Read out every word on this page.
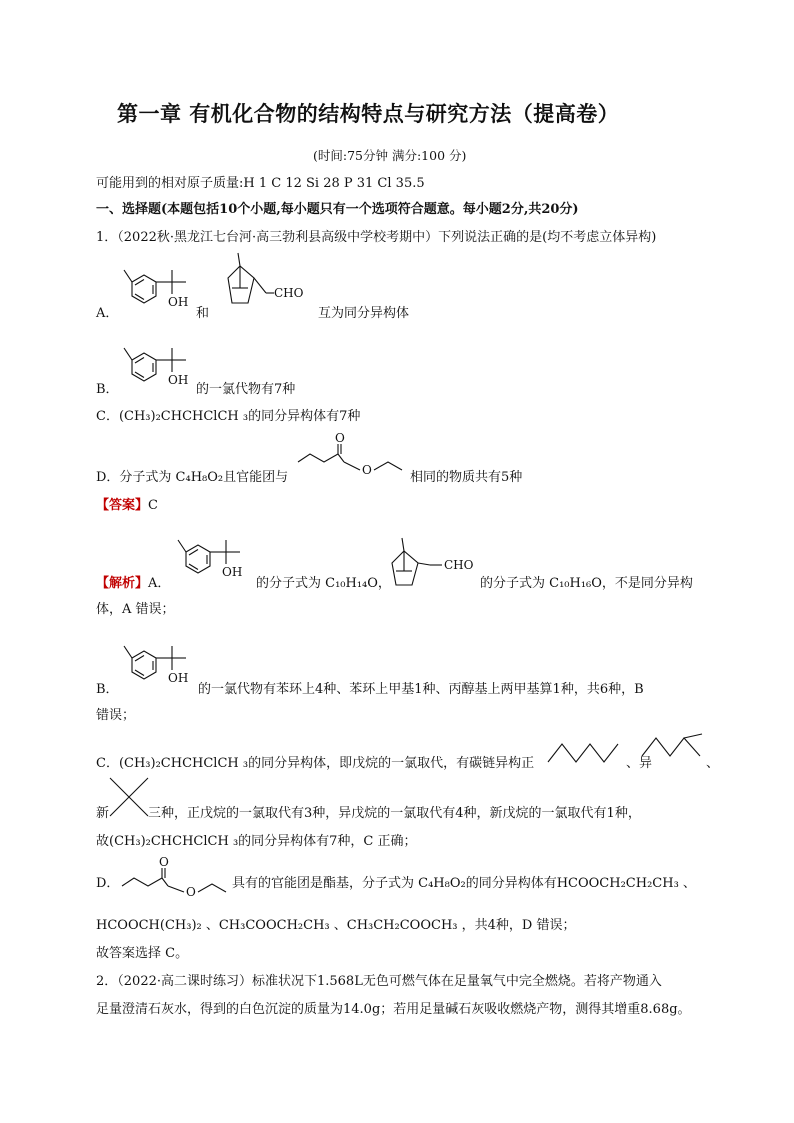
第一章 有机化合物的结构特点与研究方法（提高卷）
(时间:75分钟 满分:100 分)
可能用到的相对原子质量:H 1 C 12 Si 28 P 31 Cl 35.5
一、选择题(本题包括10个小题,每小题只有一个选项符合题意。每小题2分,共20分)
1．（2022秋·黑龙江七台河·高三勃利县高级中学校考期中）下列说法正确的是(均不考虑立体异构)
A．
OH
和
CHO
互为同分异构体
B．
OH
的一氯代物有7种
C．(CH₃)₂CHCHClCH ₃的同分异构体有7种
D．分子式为 C₄H₈O₂且官能团与
O
O	相同的物质共有5种
【答案】C
【解析】A．
OH
的分子式为 C₁₀H₁₄O，
CHO
的分子式为 C₁₀H₁₆O，不是同分异构
体，A 错误；
B．
OH
的一氯代物有苯环上4种、苯环上甲基1种、丙醇基上两甲基算1种，共6种，B
错误；
C．(CH₃)₂CHCHClCH ₃的同分异构体，即戊烷的一氯取代，有碳链异构正	、异	、
新	三种，正戊烷的一氯取代有3种，异戊烷的一氯取代有4种，新戊烷的一氯取代有1种，
故(CH₃)₂CHCHClCH ₃的同分异构体有7种，C 正确；
D．
O
O
具有的官能团是酯基，分子式为 C₄H₈O₂的同分异构体有HCOOCH₂CH₂CH₃ 、
HCOOCH(CH₃)₂ 、CH₃COOCH₂CH₃ 、CH₃CH₂COOCH₃ ，共4种，D 错误；
故答案选择 C。
2．（2022·高二课时练习）标准状况下1.568L无色可燃气体在足量氧气中完全燃烧。若将产物通入
足量澄清石灰水，得到的白色沉淀的质量为14.0g；若用足量碱石灰吸收燃烧产物，测得其增重8.68g。
